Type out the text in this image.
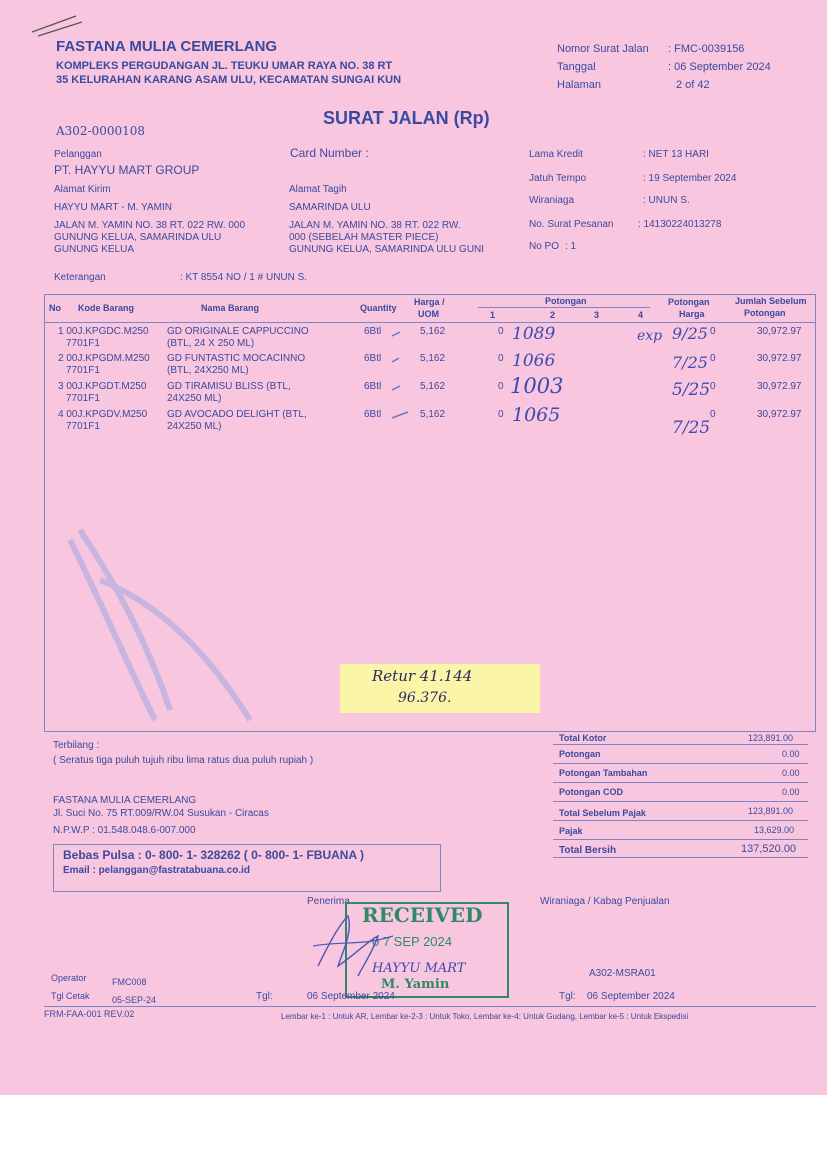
FASTANA MULIA CEMERLANG
KOMPLEKS PERGUDANGAN JL. TEUKU UMAR RAYA NO. 38 RT
35 KELURAHAN KARANG ASAM ULU, KECAMATAN SUNGAI KUN
Nomor Surat Jalan : FMC-0039156
Tanggal	: 06 September 2024
Halaman	2 of 42
SURAT JALAN (Rp)
A302-0000108
Pelanggan	Card Number :
PT. HAYYU MART GROUP
Alamat Kirim	Alamat Tagih
HAYYU MART - M. YAMIN	SAMARINDA ULU
JALAN M. YAMIN NO. 38 RT. 022 RW. 000
GUNUNG KELUA, SAMARINDA ULU
GUNUNG KELUA
JALAN M. YAMIN NO. 38 RT. 022 RW.
000 (SEBELAH MASTER PIECE)
GUNUNG KELUA, SAMARINDA ULU GUNI
Keterangan	: KT 8554 NO / 1 # UNUN S.
Lama Kredit	: NET 13 HARI
Jatuh Tempo	: 19 September 2024
Wiraniaga	: UNUN S.
No. Surat Pesanan : 14130224013278
No PO : 1
No Kode Barang	Nama Barang	Quantity
Harga /
UOM
Potongan
1	2	3	4
Potongan
Harga
Jumlah Sebelum
Potongan
1 00J.KPGDC.M250
7701F1
GD ORIGINALE CAPPUCCINO
(BTL, 24 X 250 ML)
6Btl	5,162	0	0	30,972.97
1089	exp 9/25
2 00J.KPGDM.M250
7701F1
GD FUNTASTIC MOCACINNO
(BTL, 24X250 ML)
6Btl	5,162	0	0	30,972.97
1066	7/25
3 00J.KPGDT.M250
7701F1
GD TIRAMISU BLISS (BTL,
24X250 ML)
6Btl	5,162	0	0	30,972.97
1003	5/25
4 00J.KPGDV.M250
7701F1
GD AVOCADO DELIGHT (BTL,
24X250 ML)
6Btl	5,162	0	0	30,972.97
1065
7/25
Retur 41.144
96.376.
Terbilang :
( Seratus tiga puluh tujuh ribu lima ratus dua puluh rupiah )
FASTANA MULIA CEMERLANG
Jl. Suci No. 75 RT.009/RW.04 Susukan - Ciracas
N.P.W.P : 01.548.048.6-007.000
Bebas Pulsa : 0- 800- 1- 328262 ( 0- 800- 1- FBUANA )
Email : pelanggan@fastratabuana.co.id
Total Kotor	123,891.00
Potongan	0.00
Potongan Tambahan	0.00
Potongan COD	0.00
Total Sebelum Pajak	123,891.00
Pajak	13,629.00
Total Bersih	137,520.00
Penerima	Wiraniaga / Kabag Penjualan
RECEIVED
0 7 SEP 2024
HAYYU MART
M. Yamin
A302-MSRA01
Operator	FMC008
Tgl Cetak 05-SEP-24	Tgl:	06 September 2024	Tgl: 06 September 2024
FRM-FAA-001 REV.02	Lembar ke-1 : Untuk AR, Lembar ke-2-3 : Untuk Toko, Lembar ke-4: Untuk Gudang, Lembar ke-5 : Untuk Ekspedisi
